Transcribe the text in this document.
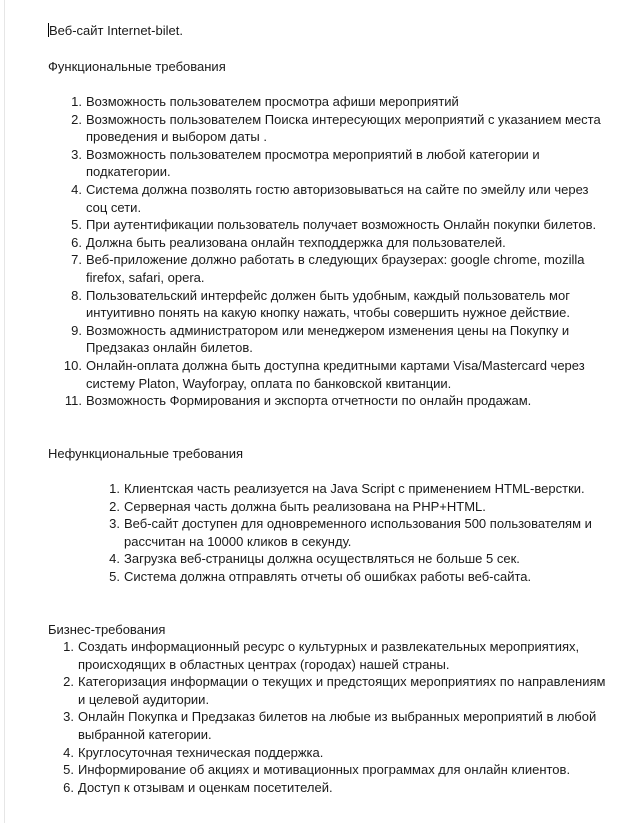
Веб-сайт Internet-bilet.
Функциональные требования
1. Возможность пользователем просмотра афиши мероприятий
2. Возможность пользователем Поиска интересующих мероприятий с указанием места проведения и выбором даты .
3. Возможность пользователем просмотра мероприятий в любой категории и подкатегории.
4. Система должна позволять гостю авторизовываться на сайте по эмейлу или через соц сети.
5. При аутентификации пользователь получает возможность Онлайн покупки билетов.
6. Должна быть реализована онлайн техподдержка для пользователей.
7. Веб-приложение должно работать в следующих браузерах: google chrome, mozilla firefox, safari, opera.
8. Пользовательский интерфейс должен быть удобным, каждый пользователь мог интуитивно понять на какую кнопку нажать, чтобы совершить нужное действие.
9. Возможность администратором или менеджером изменения цены на Покупку и Предзаказ онлайн билетов.
10. Онлайн-оплата должна быть доступна кредитными картами Visa/Mastercard через систему Platon, Wayforpay, оплата по банковской квитанции.
11. Возможность Формирования и экспорта отчетности по онлайн продажам.
Нефункциональные требования
1. Клиентская часть реализуется на Java Script с применением HTML-верстки.
2. Серверная часть должна быть реализована на PHP+HTML.
3. Веб-сайт доступен для одновременного использования 500 пользователям и рассчитан на 10000 кликов в секунду.
4. Загрузка веб-страницы должна осуществляться не больше 5 сек.
5. Система должна отправлять отчеты об ошибках работы веб-сайта.
Бизнес-требования
1. Создать информационный ресурс о культурных и развлекательных мероприятиях, происходящих в областных центрах (городах) нашей страны.
2. Категоризация информации о текущих и предстоящих мероприятиях по направлениям и целевой аудитории.
3. Онлайн Покупка и Предзаказ билетов на любые из выбранных мероприятий в любой выбранной категории.
4. Круглосуточная техническая поддержка.
5. Информирование об акциях и мотивационных программах для онлайн клиентов.
6. Доступ к отзывам и оценкам посетителей.
